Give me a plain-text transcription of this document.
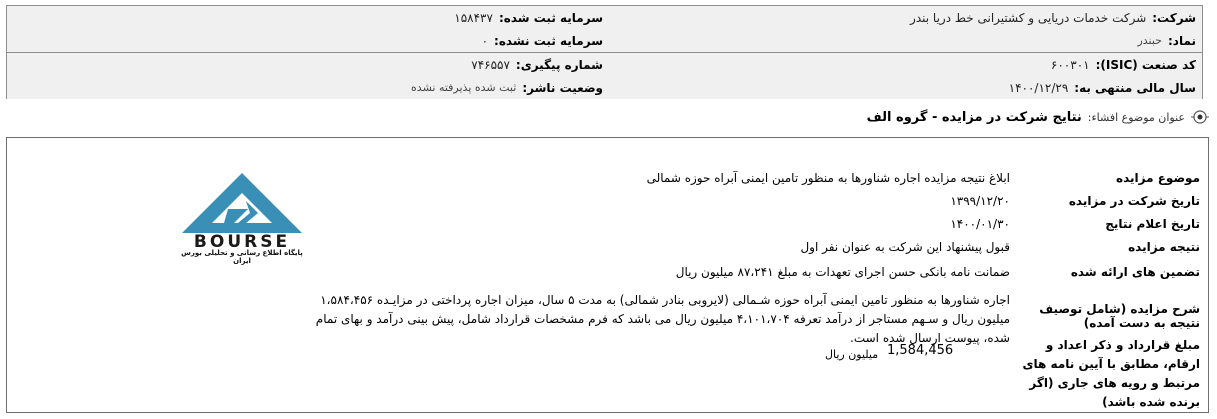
شرکت:
شرکت خدمات دریایی و کشتیرانی خط دریا بندر
سرمایه ثبت شده:
۱۵۸۴۳۷
نماد:
حبندر
سرمایه ثبت نشده:
۰
کد صنعت (ISIC):
۶۰۰۳۰۱
شماره پیگیری:
۷۴۶۵۵۷
سال مالی منتهی به:
۱۴۰۰/۱۲/۲۹
وضعیت ناشر:
ثبت شده پذیرفته نشده
عنوان موضوع افشاء:
نتایج شرکت در مزایده - گروه الف
BOURSE
پایگاه اطلاع رسانی و تحلیلی بورس ایران
موضوع مزایده
ابلاغ نتیجه مزایده اجاره شناورها به منظور تامین ایمنی آبراه حوزه شمالی
تاریخ شرکت در مزایده
۱۳۹۹/۱۲/۲۰
تاریخ اعلام نتایج
۱۴۰۰/۰۱/۳۰
نتیجه مزایده
قبول پیشنهاد این شرکت به عنوان نفر اول
تضمین های ارائه شده
ضمانت نامه بانکی حسن اجرای تعهدات به مبلغ ۸۷،۲۴۱ میلیون ریال
شرح مزایده (شامل توصیف نتیجه به دست آمده)
اجاره شناورها به منظور تامین ایمنی آبراه حوزه شـمالی (لایروبی بنادر شمالی) به مدت ۵ سال، میزان اجاره پرداختی در مزایـده ۱،۵۸۴،۴۵۶ میلیون ریال و سـهم مستاجر از درآمد تعرفه ۴،۱۰۱،۷۰۴ میلیون ریال می باشد که فرم مشخصات قرارداد شامل، پیش بینی درآمد و بهای تمام شده، پیوست ارسال شده است.	مبلغ قرارداد و ذکر اعداد و ارقام، مطابق با آیین نامه های مرتبط و رویه های جاری (اگر برنده شده باشد)
1,584,456
میلیون ریال
